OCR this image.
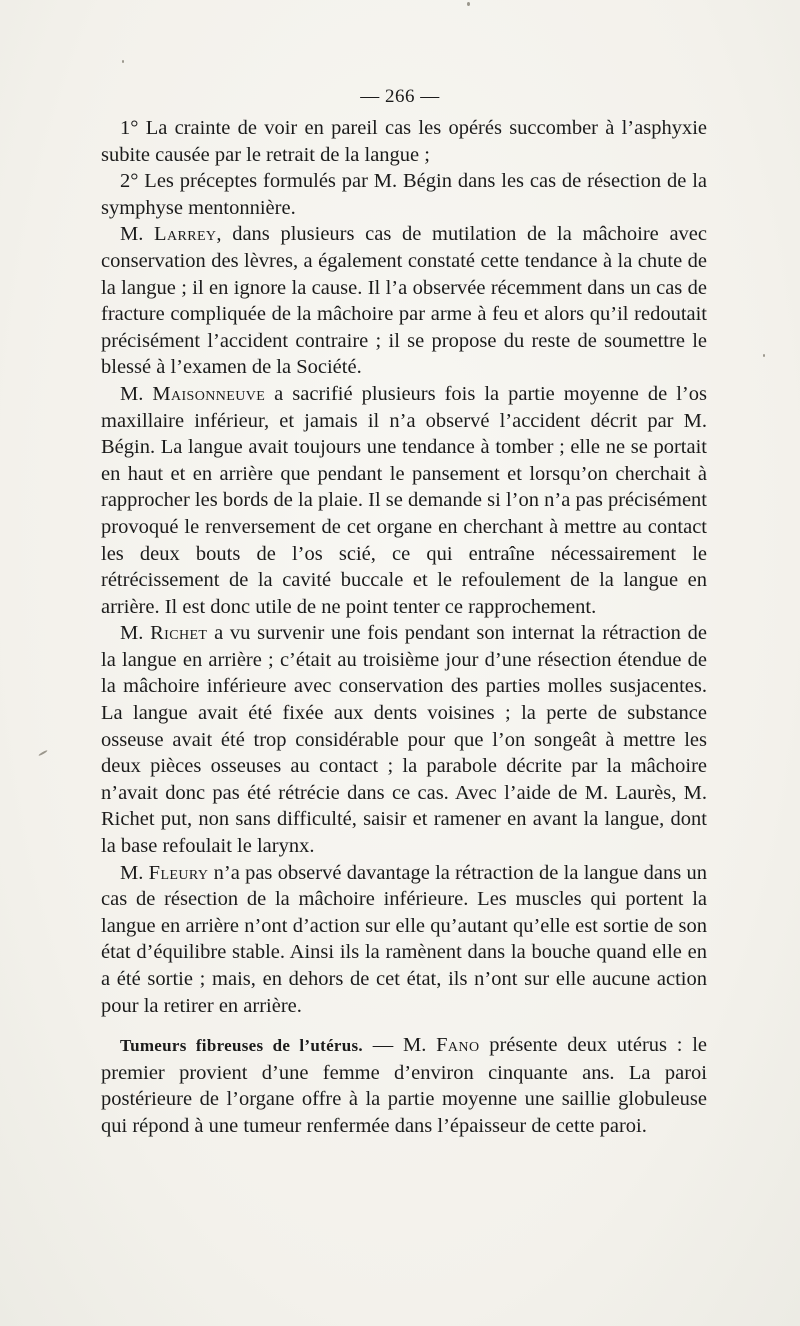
— 266 —

1° La crainte de voir en pareil cas les opérés succomber à l’asphyxie subite causée par le retrait de la langue ;

2° Les préceptes formulés par M. Bégin dans les cas de résection de la symphyse mentonnière.

M. Larrey, dans plusieurs cas de mutilation de la mâchoire avec conservation des lèvres, a également constaté cette tendance à la chute de la langue ; il en ignore la cause. Il l’a observée récemment dans un cas de fracture compliquée de la mâchoire par arme à feu et alors qu’il redoutait précisément l’accident contraire ; il se propose du reste de soumettre le blessé à l’examen de la Société.

M. Maisonneuve a sacrifié plusieurs fois la partie moyenne de l’os maxillaire inférieur, et jamais il n’a observé l’accident décrit par M. Bégin. La langue avait toujours une tendance à tomber ; elle ne se portait en haut et en arrière que pendant le pansement et lorsqu’on cherchait à rapprocher les bords de la plaie. Il se demande si l’on n’a pas précisément provoqué le renversement de cet organe en cherchant à mettre au contact les deux bouts de l’os scié, ce qui entraîne nécessairement le rétrécissement de la cavité buccale et le refoulement de la langue en arrière. Il est donc utile de ne point tenter ce rapprochement.

M. Richet a vu survenir une fois pendant son internat la rétraction de la langue en arrière ; c’était au troisième jour d’une résection étendue de la mâchoire inférieure avec conservation des parties molles susjacentes. La langue avait été fixée aux dents voisines ; la perte de substance osseuse avait été trop considérable pour que l’on songeât à mettre les deux pièces osseuses au contact ; la parabole décrite par la mâchoire n’avait donc pas été rétrécie dans ce cas. Avec l’aide de M. Laurès, M. Richet put, non sans difficulté, saisir et ramener en avant la langue, dont la base refoulait le larynx.

M. Fleury n’a pas observé davantage la rétraction de la langue dans un cas de résection de la mâchoire inférieure. Les muscles qui portent la langue en arrière n’ont d’action sur elle qu’autant qu’elle est sortie de son état d’équilibre stable. Ainsi ils la ramènent dans la bouche quand elle en a été sortie ; mais, en dehors de cet état, ils n’ont sur elle aucune action pour la retirer en arrière.

Tumeurs fibreuses de l’utérus. — M. Fano présente deux utérus : le premier provient d’une femme d’environ cinquante ans. La paroi postérieure de l’organe offre à la partie moyenne une saillie globuleuse qui répond à une tumeur renfermée dans l’épaisseur de cette paroi.
